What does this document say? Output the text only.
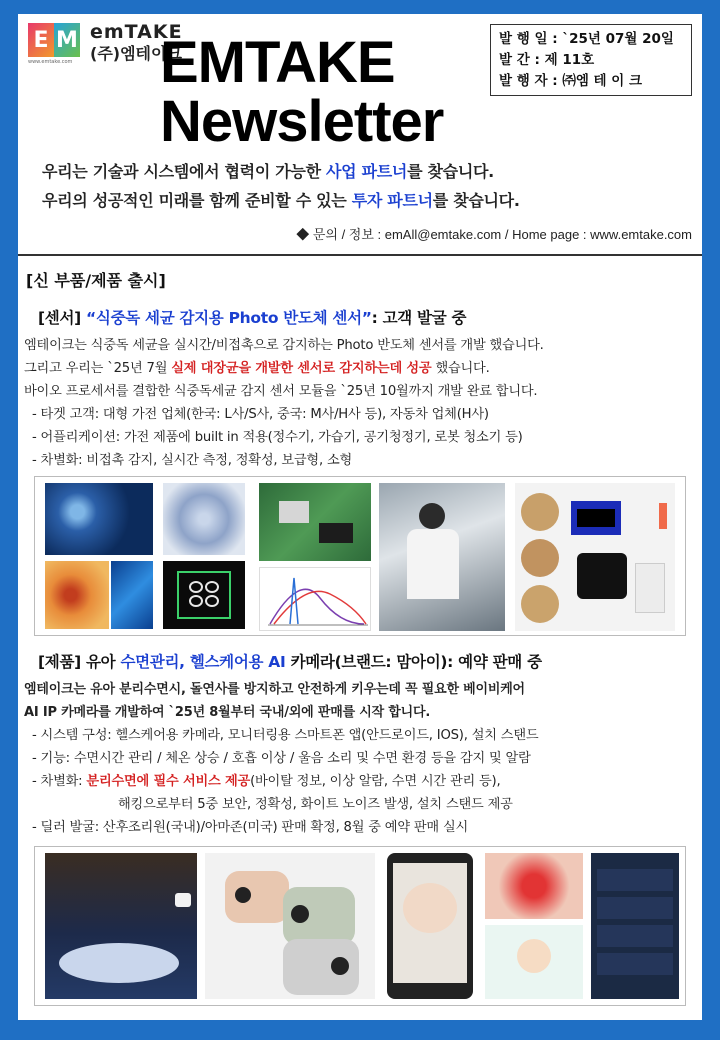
E M
www.emtake.com
emTAKE
(주)엠테이크
EMTAKE
Newsletter
발 행 일 : `25년 07월 20일
발 간 : 제 11호
발 행 자 : ㈜엠 테 이 크
우리는 기술과 시스템에서 협력이 가능한 사업 파트너를 찾습니다.
우리의 성공적인 미래를 함께 준비할 수 있는 투자 파트너를 찾습니다.
◆ 문의 / 정보 : emAll@emtake.com / Home page : www.emtake.com
[신 부품/제품 출시]
[센서] “식중독 세균 감지용 Photo 반도체 센서”: 고객 발굴 중
엠테이크는 식중독 세균을 실시간/비접촉으로 감지하는 Photo 반도체 센서를 개발 했습니다.
그리고 우리는 `25년 7월 실제 대장균을 개발한 센서로 감지하는데 성공 했습니다.
바이오 프로세서를 결합한 식중독세균 감지 센서 모듈을 `25년 10월까지 개발 완료 합니다.
- 타겟 고객: 대형 가전 업체(한국: L사/S사, 중국: M사/H사 등), 자동차 업체(H사)
- 어플리케이션: 가전 제품에 built in 적용(정수기, 가습기, 공기청정기, 로봇 청소기 등)
- 차별화: 비접촉 감지, 실시간 측정, 정확성, 보급형, 소형
[제품] 유아 수면관리, 헬스케어용 AI 카메라(브랜드: 맘아이): 예약 판매 중
엠테이크는 유아 분리수면시, 돌연사를 방지하고 안전하게 키우는데 꼭 필요한 베이비케어
AI IP 카메라를 개발하여 `25년 8월부터 국내/외에 판매를 시작 합니다.
- 시스템 구성: 헬스케어용 카메라, 모니터링용 스마트폰 앱(안드로이드, IOS), 설치 스탠드
- 기능: 수면시간 관리 / 체온 상승 / 호흡 이상 / 울음 소리 및 수면 환경 등을 감지 및 알람
- 차별화: 분리수면에 필수 서비스 제공(바이탈 정보, 이상 알람, 수면 시간 관리 등),
해킹으로부터 5중 보안, 정확성, 화이트 노이즈 발생, 설치 스탠드 제공
- 딜러 발굴: 산후조리원(국내)/아마존(미국) 판매 확정, 8월 중 예약 판매 실시
